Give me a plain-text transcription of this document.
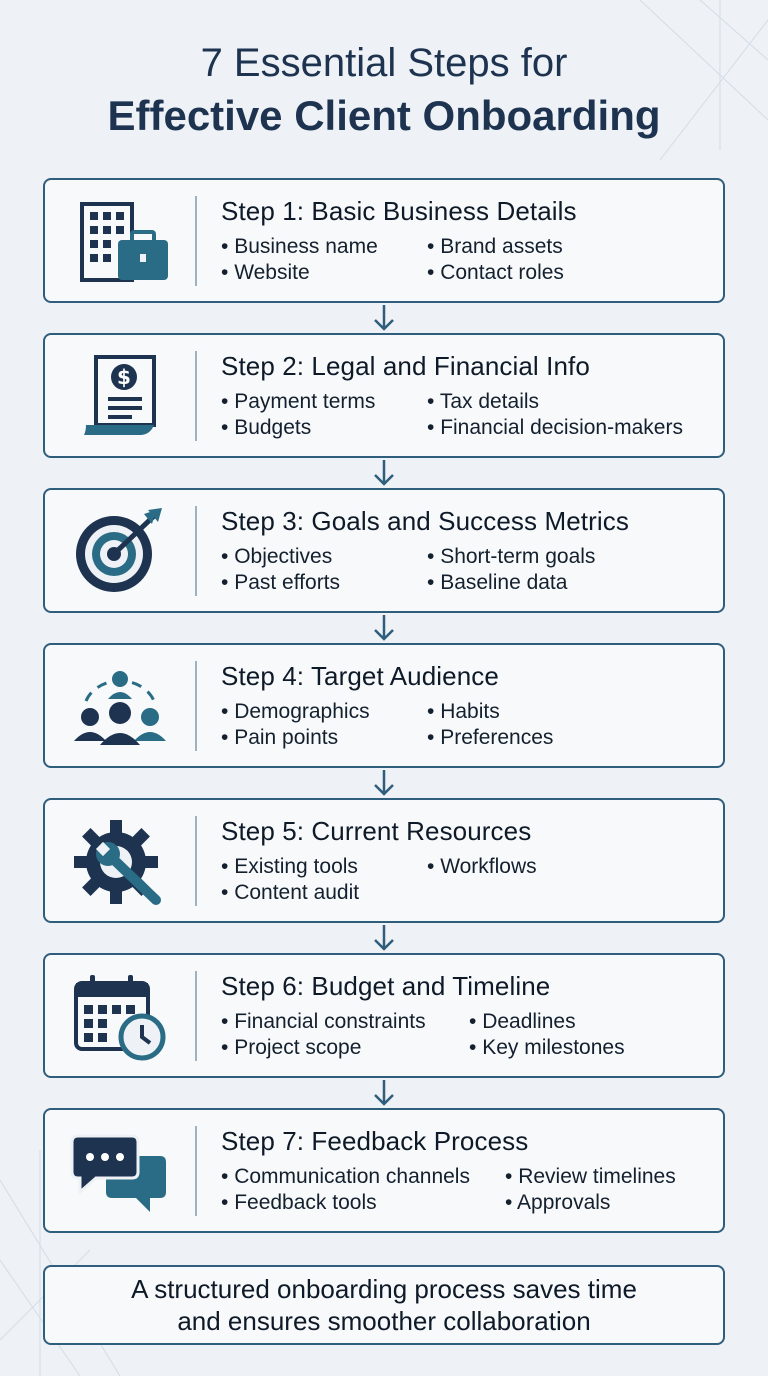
7 Essential Steps for
Effective Client Onboarding
Step 1: Basic Business Details
• Business name	• Brand assets
• Website	• Contact roles
$	Step 2: Legal and Financial Info
• Payment terms	• Tax details
• Budgets	• Financial decision-makers
Step 3: Goals and Success Metrics
• Objectives	• Short-term goals
• Past efforts	• Baseline data
Step 4: Target Audience
• Demographics	• Habits
• Pain points	• Preferences
Step 5: Current Resources
• Existing tools	• Workflows
• Content audit
Step 6: Budget and Timeline
• Financial constraints	• Deadlines
• Project scope	• Key milestones
Step 7: Feedback Process
• Communication channels	• Review timelines
• Feedback tools	• Approvals
A structured onboarding process saves time
and ensures smoother collaboration
